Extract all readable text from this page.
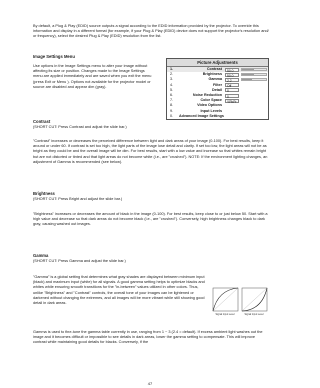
By default, a Plug & Play (EDID) source outputs a signal according to the EDID information provided by the projector. To override this information and display in a different format (for example, if your Plug & Play (EDID) device does not support the projector's resolution and/ or frequency), select the desired Plug & Play (EDID) resolution from the list.

Image Settings Menu

Use options in the Image Settings menu to alter your image without affecting its size or position. Changes made to the Image Settings menu are applied immediately and are saved when you exit the menu (press Exit or Menu ). Options not available for the projector model or source are disabled and appear dim (gray).

Picture Adjustments
1.	Contrast	50.0
2.	Brightness	50.0
3.	Gamma	2.2
4.	Filter	Off
5.	Detail	0
6.	Noise Reduction	0
7.	Color Space	YPbPr
8.	Video Options
9.	Input Levels
0.	Advanced Image Settings

Contrast

(SHORT CUT: Press Contrast and adjust the slide bar.)

"Contrast" increases or decreases the perceived difference between light and dark areas of your image (0-100). For best results, keep it around or under 60. If contrast is set too high, the light parts of the image lose detail and clarity. If set too low, the light areas will not be as bright as they could be and the overall image will be dim. For best results, start with a low value and increase so that whites remain bright but are not distorted or tinted and that light areas do not become white (i.e., are "crushed"). NOTE: If the environment lighting changes, an adjustment of Gamma is recommended (see below).

Brightness

(SHORT CUT: Press Bright and adjust the slide bar.)

"Brightness" increases or decreases the amount of black in the image (0-100). For best results, keep close to or just below 50. Start with a high value and decrease so that dark areas do not become black (i.e., are "crushed"). Conversely, high brightness changes black to dark gray, causing washed out images.

Gamma

(SHORT CUT: Press Gamma and adjust the slide bar.)

"Gamma" is a global setting that determines what gray shades are displayed between minimum input (black) and maximum input (white) for all signals. A good gamma setting helps to optimize blacks and whites while ensuring smooth transitions for the "in-between" values utilized in other colors. Thus, unlike "Brightness" and "Contrast" controls, the overall tone of your images can be lightened or darkened without changing the extremes, and all images will be more vibrant while still showing good detail in dark areas.

Signal Input Level	Signal Input Level

Gamma is used to fine-tune the gamma table currently in use, ranging from 1 ~ 3 (2.4 = default). If excess ambient light washes out the image and it becomes difficult or impossible to see details in dark areas, lower the gamma setting to compensate. This will improve contrast while maintaining good details for blacks. Conversely, if the

47
